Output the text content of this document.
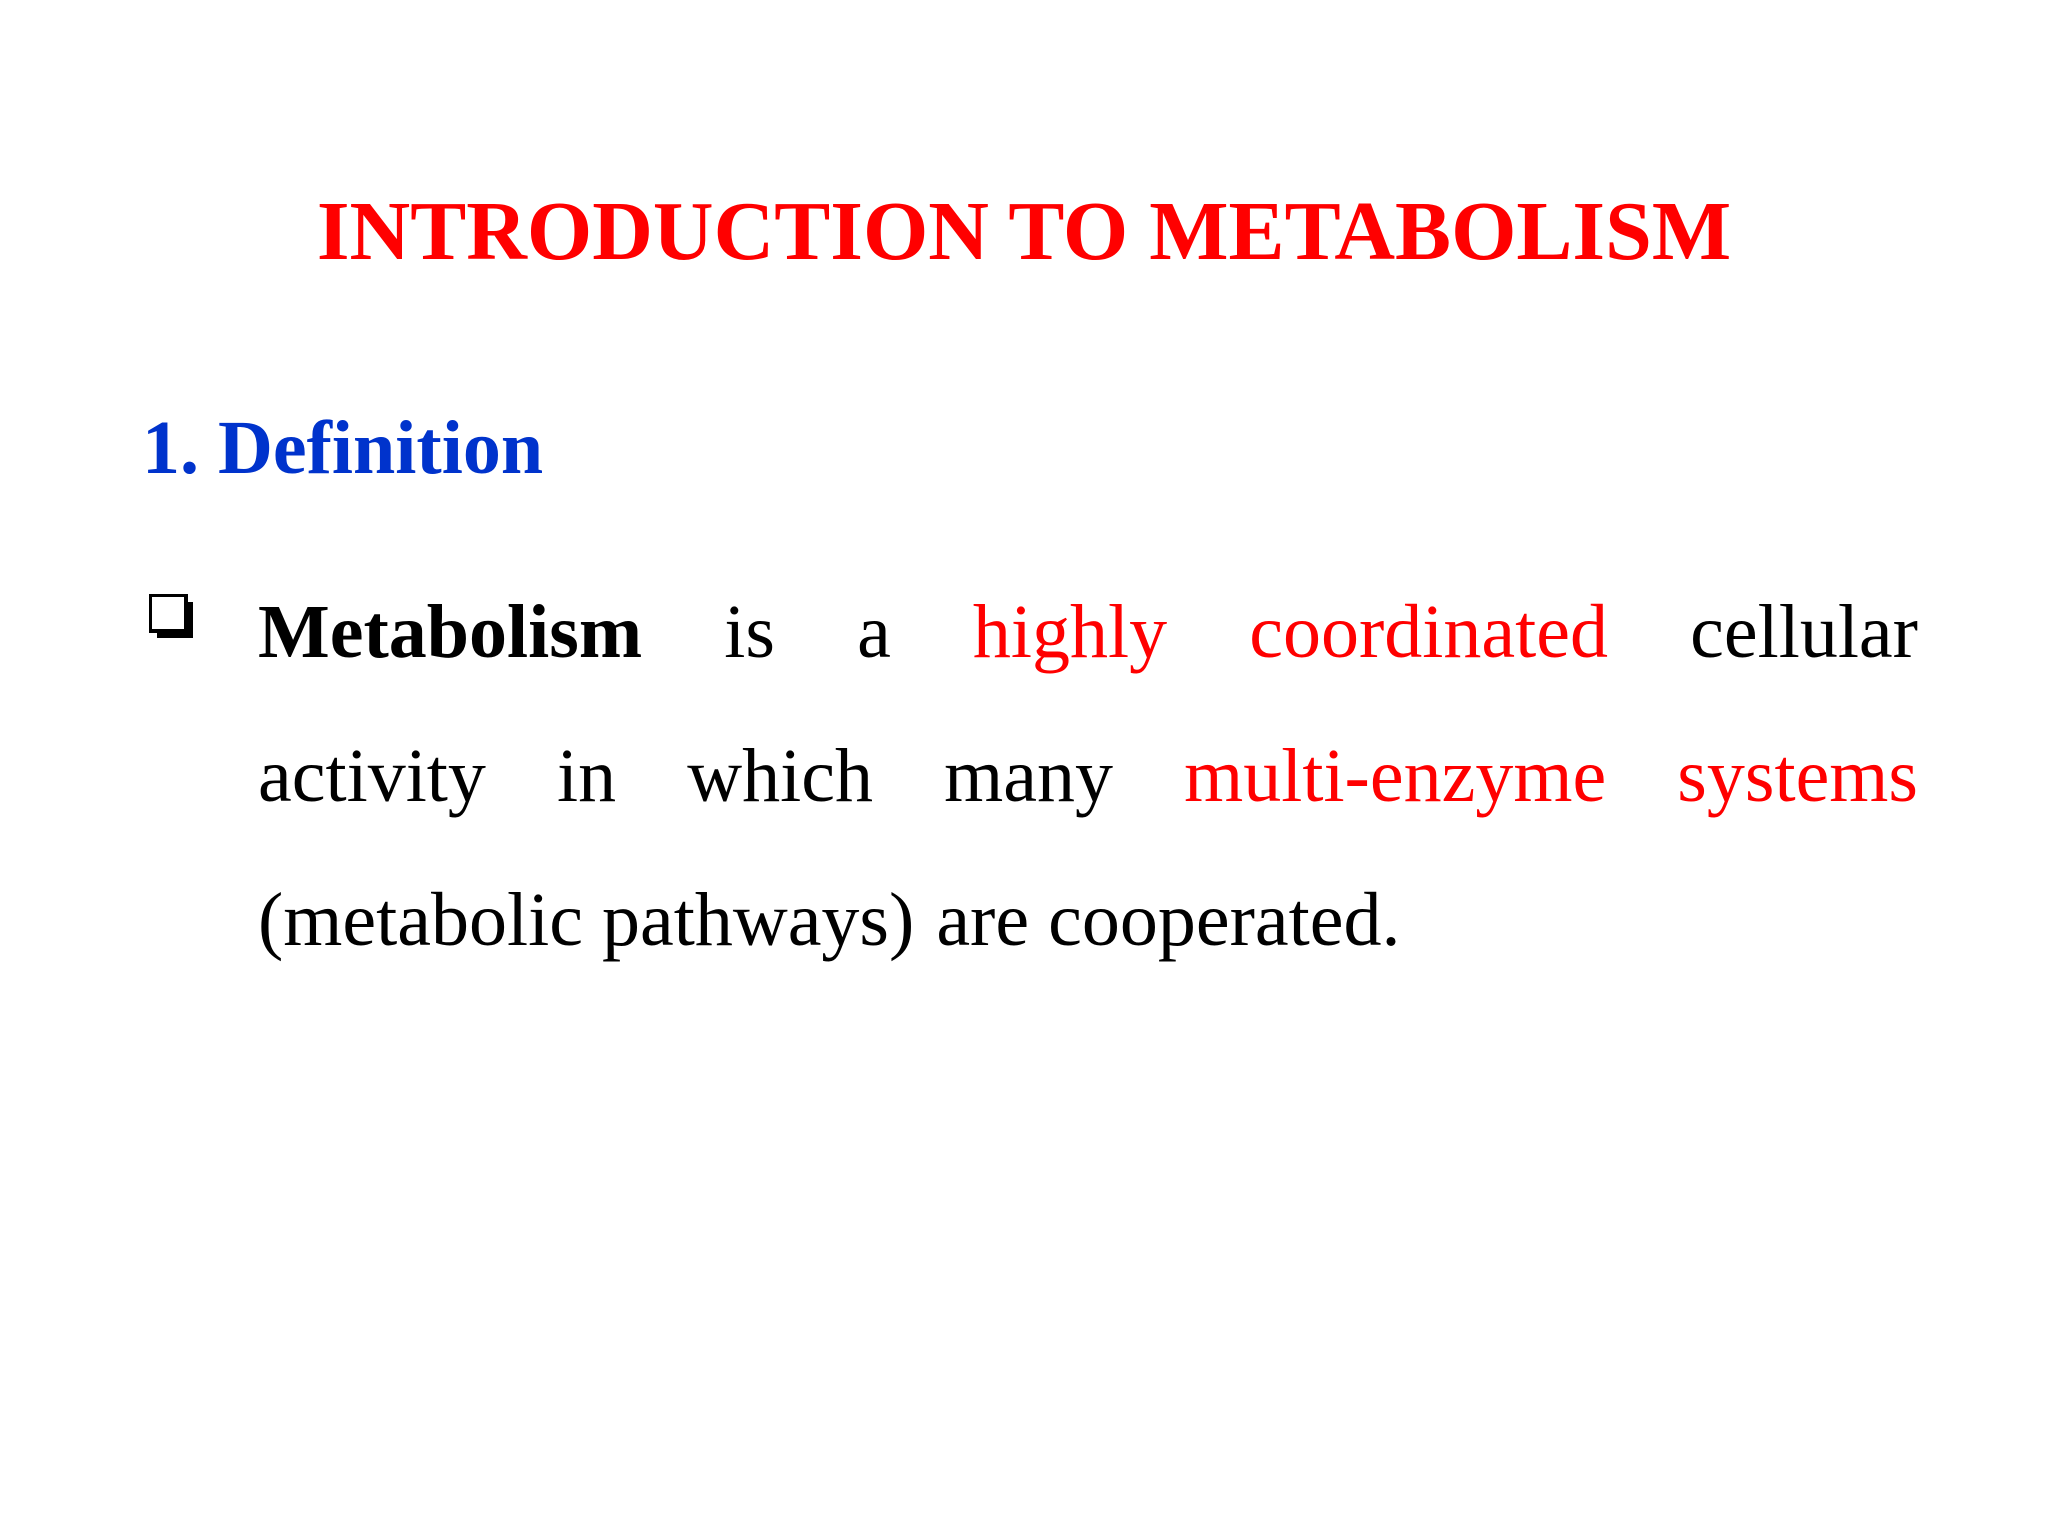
INTRODUCTION TO METABOLISM
1. Definition
Metabolism is a highly coordinated cellular
activity in which many multi-enzyme systems
(metabolic pathways) are cooperated.
